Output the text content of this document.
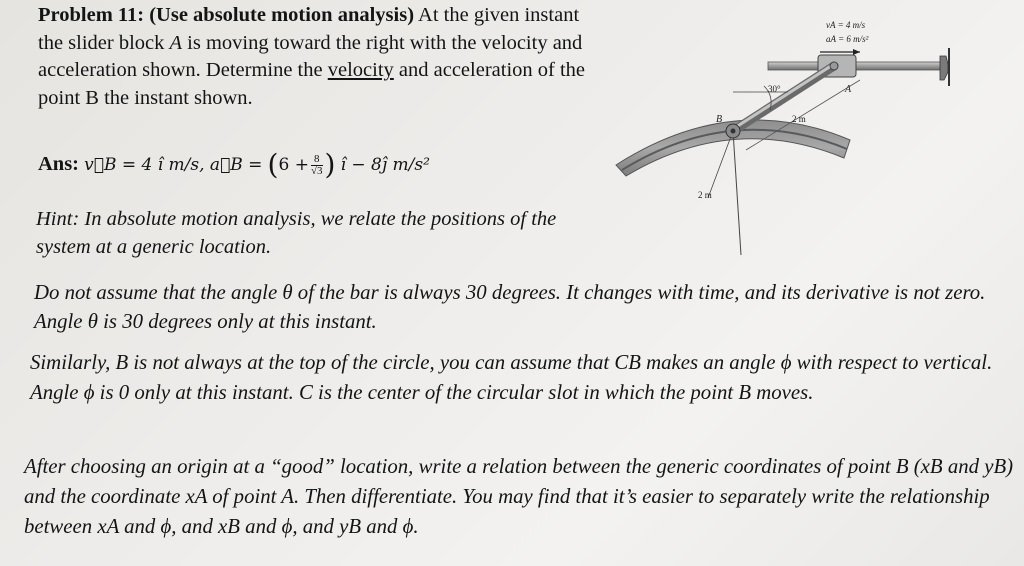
Problem 11: (Use absolute motion analysis) At the given instant the slider block A is moving toward the right with the velocity and acceleration shown. Determine the velocity and acceleration of the point B the instant shown.

Ans: v⃗B = 4 î m/s, a⃗B = ($6 + \frac{8}{√3}$ ) î − 8ĵ m/s²

Hint: In absolute motion analysis, we relate the positions of the system at a generic location.

Do not assume that the angle θ of the bar is always 30 degrees. It changes with time, and its derivative is not zero. Angle θ is 30 degrees only at this instant.

Similarly, B is not always at the top of the circle, you can assume that CB makes an angle ϕ with respect to vertical. Angle ϕ is 0 only at this instant. C is the center of the circular slot in which the point B moves.

After choosing an origin at a “good” location, write a relation between the generic coordinates of point B (xB and yB) and the coordinate xA of point A. Then differentiate. You may find that it’s easier to separately write the relationship between xA and ϕ, and xB and ϕ, and yB and ϕ.

vA = 4 m/s
aA = 6 m/s²
30°
2 m
2 m
A
B
